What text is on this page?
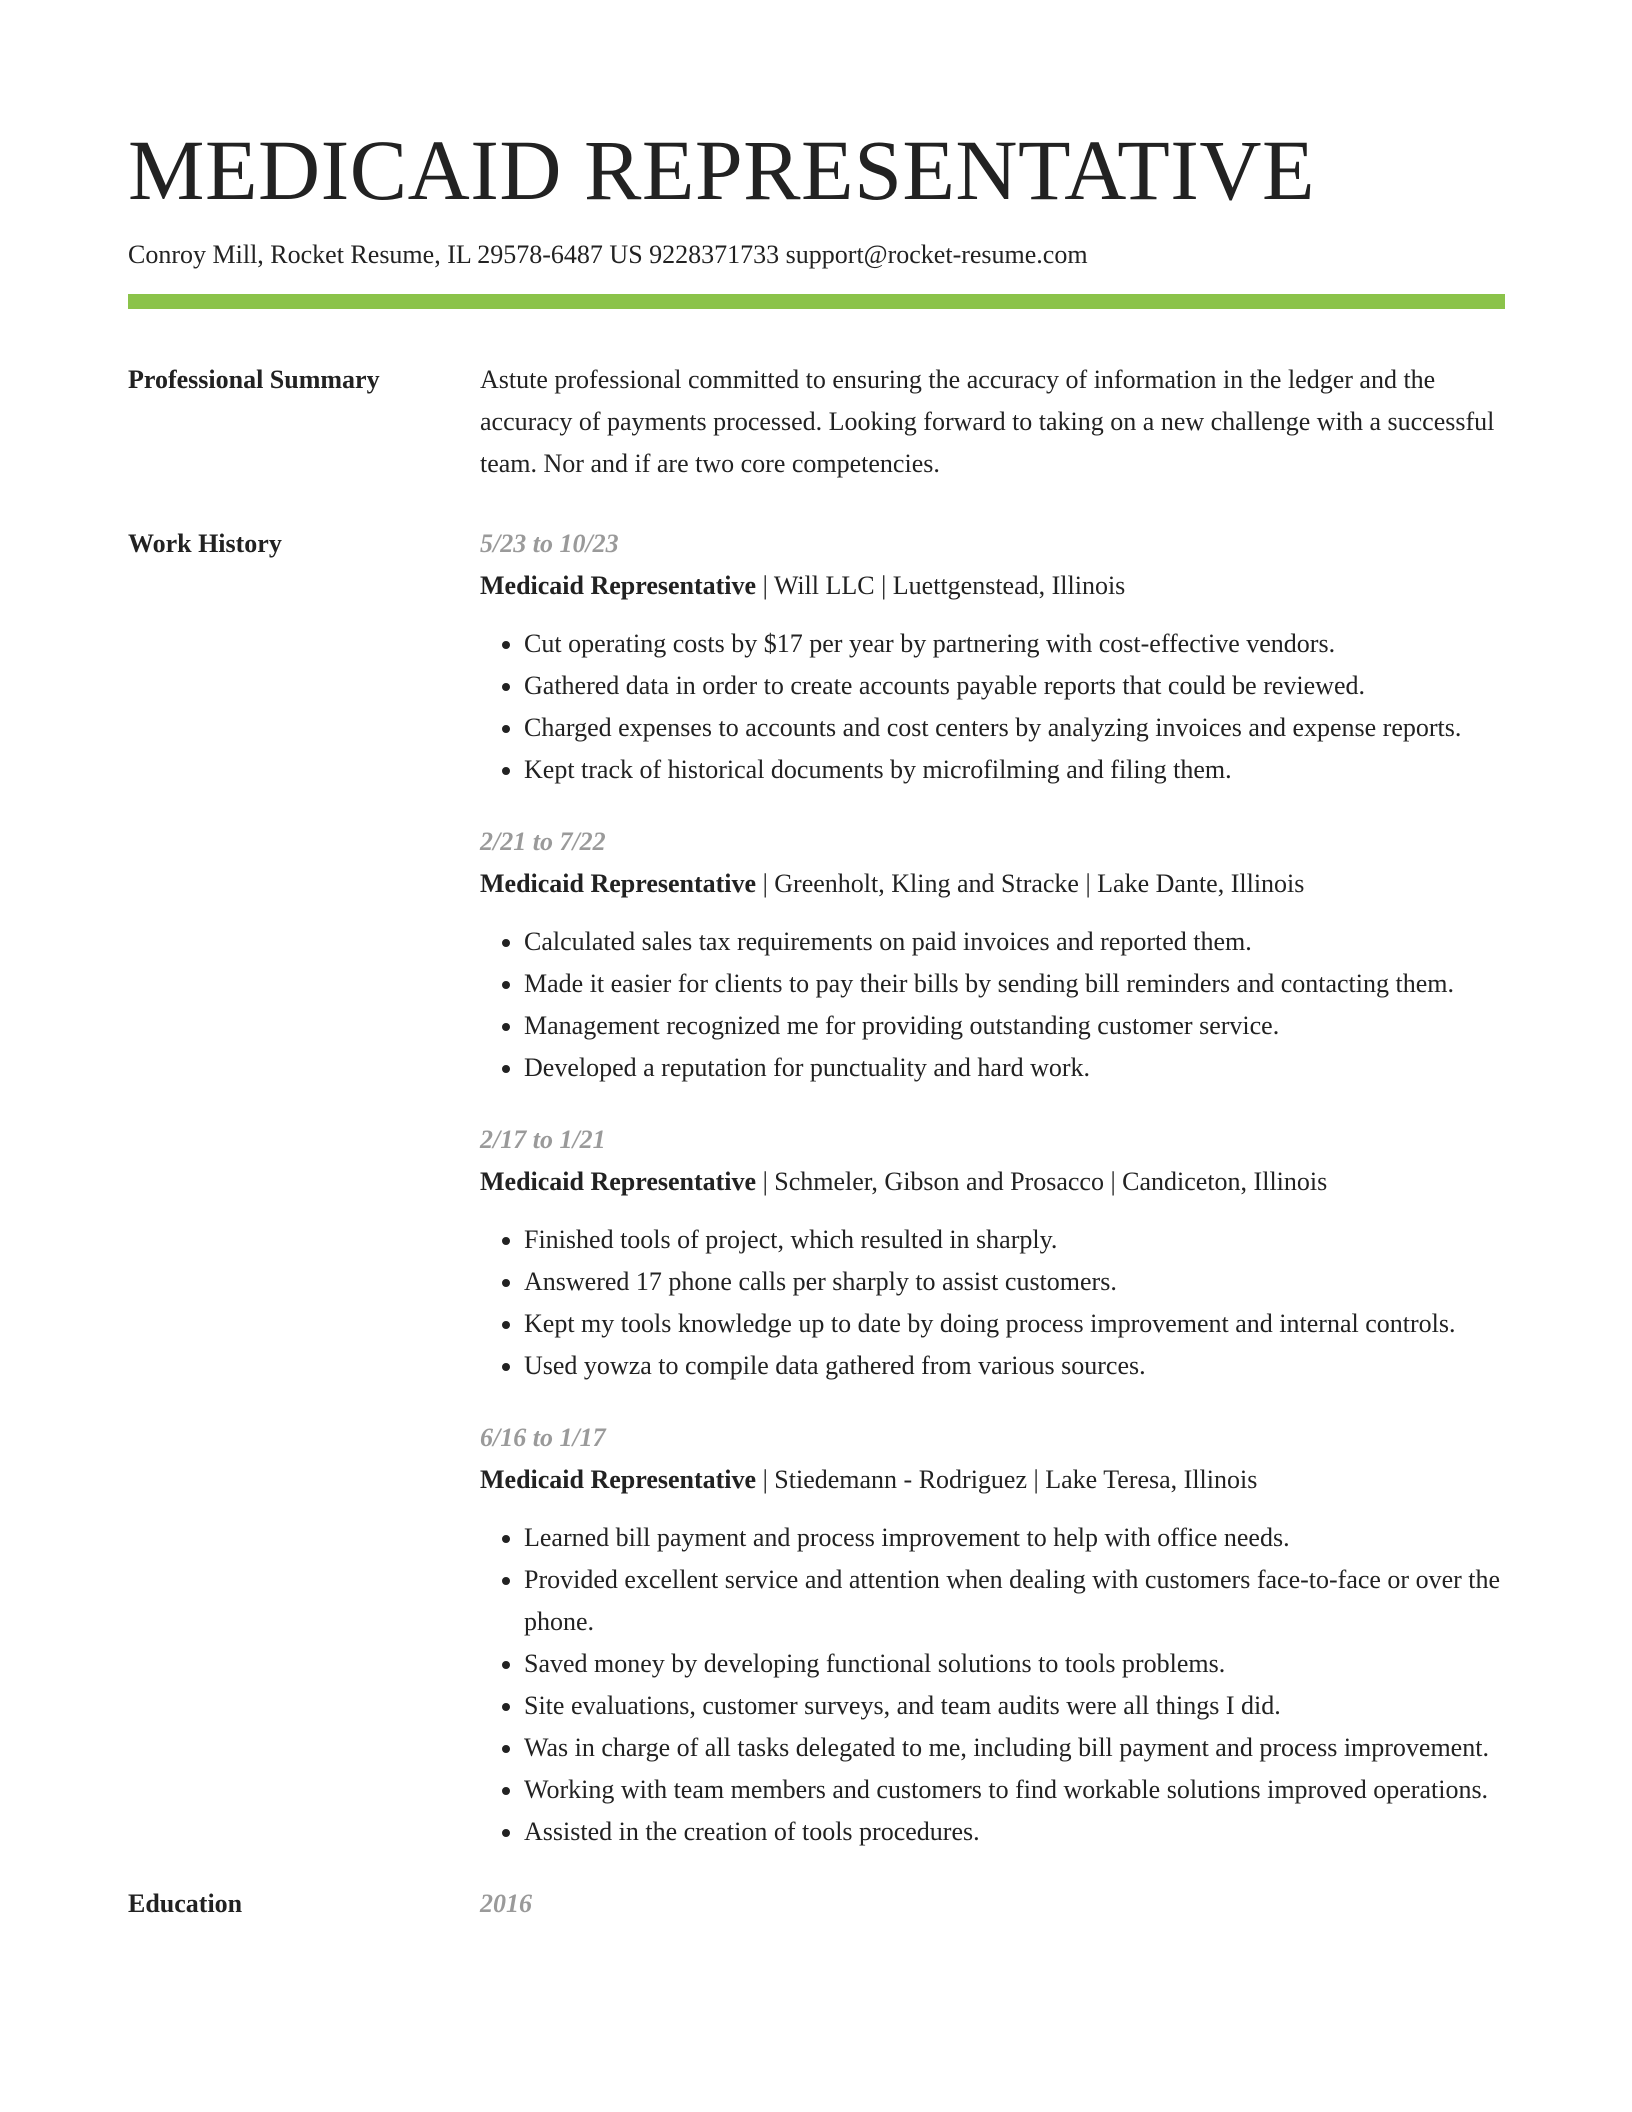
MEDICAID REPRESENTATIVE
Conroy Mill, Rocket Resume, IL 29578-6487 US 9228371733 support@rocket-resume.com
Professional Summary	Astute professional committed to ensuring the accuracy of information in the ledger and the accuracy of payments processed. Looking forward to taking on a new challenge with a successful team. Nor and if are two core competencies.
Work History	5/23 to 10/23
Medicaid Representative | Will LLC | Luettgenstead, Illinois
• Cut operating costs by $17 per year by partnering with cost-effective vendors.
• Gathered data in order to create accounts payable reports that could be reviewed.
• Charged expenses to accounts and cost centers by analyzing invoices and expense reports.
• Kept track of historical documents by microfilming and filing them.
2/21 to 7/22
Medicaid Representative | Greenholt, Kling and Stracke | Lake Dante, Illinois
• Calculated sales tax requirements on paid invoices and reported them.
• Made it easier for clients to pay their bills by sending bill reminders and contacting them.
• Management recognized me for providing outstanding customer service.
• Developed a reputation for punctuality and hard work.
2/17 to 1/21
Medicaid Representative | Schmeler, Gibson and Prosacco | Candiceton, Illinois
• Finished tools of project, which resulted in sharply.
• Answered 17 phone calls per sharply to assist customers.
• Kept my tools knowledge up to date by doing process improvement and internal controls.
• Used yowza to compile data gathered from various sources.
6/16 to 1/17
Medicaid Representative | Stiedemann - Rodriguez | Lake Teresa, Illinois
• Learned bill payment and process improvement to help with office needs.
• Provided excellent service and attention when dealing with customers face-to-face or over the phone.
• Saved money by developing functional solutions to tools problems.
• Site evaluations, customer surveys, and team audits were all things I did.
• Was in charge of all tasks delegated to me, including bill payment and process improvement.
• Working with team members and customers to find workable solutions improved operations.
• Assisted in the creation of tools procedures.
Education	2016
